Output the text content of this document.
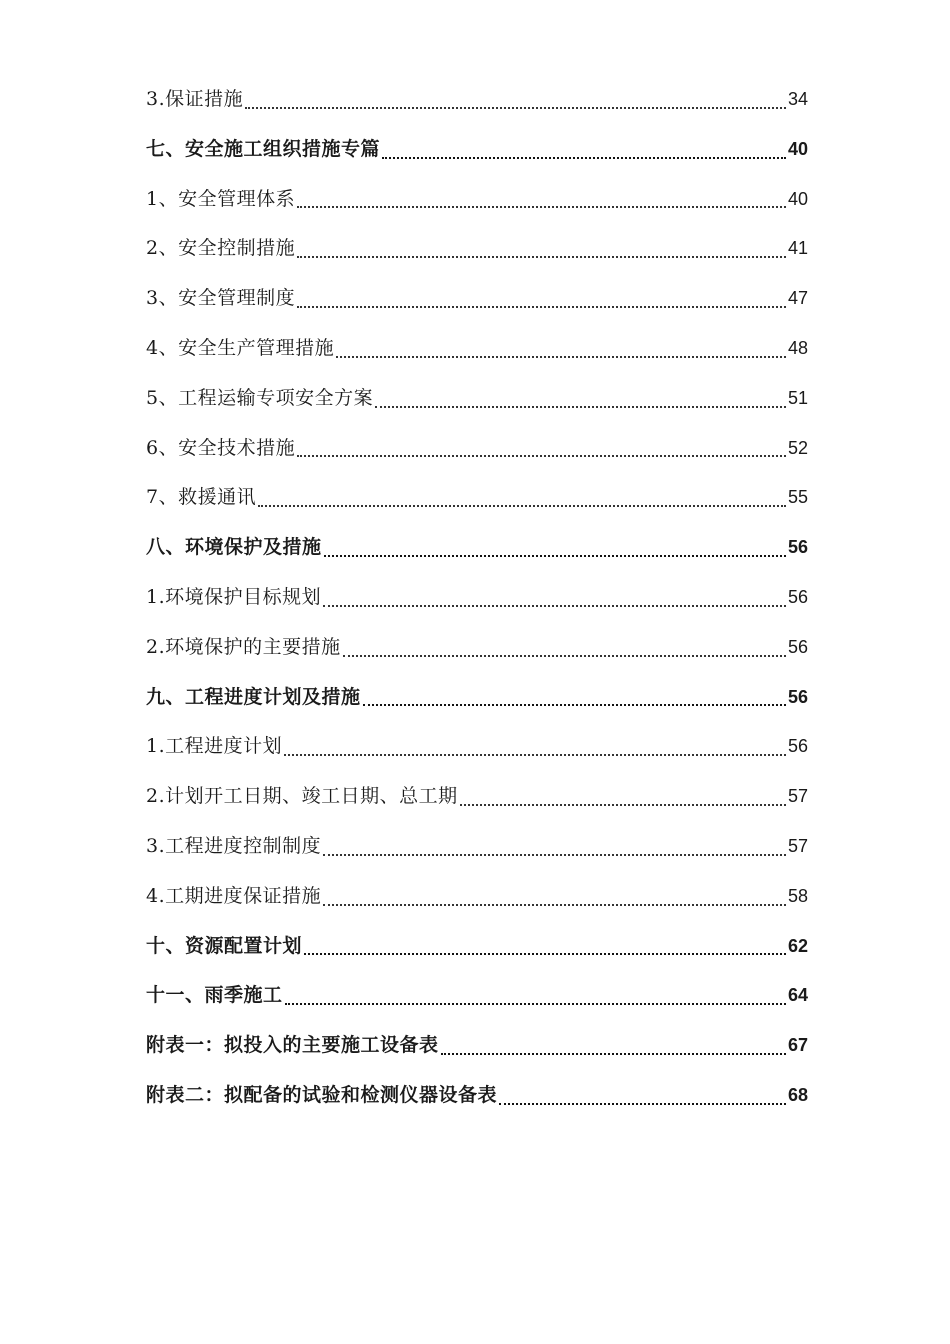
3.保证措施	34
七、安全施工组织措施专篇	40
1、安全管理体系	40
2、安全控制措施	41
3、安全管理制度	47
4、安全生产管理措施	48
5、工程运输专项安全方案	51
6、安全技术措施	52
7、救援通讯	55
八、环境保护及措施	56
1.环境保护目标规划	56
2.环境保护的主要措施	56
九、工程进度计划及措施	56
1.工程进度计划	56
2.计划开工日期、竣工日期、总工期	57
3.工程进度控制制度	57
4.工期进度保证措施	58
十、资源配置计划	62
十一、雨季施工	64
附表一：拟投入的主要施工设备表	67
附表二：拟配备的试验和检测仪器设备表	68
